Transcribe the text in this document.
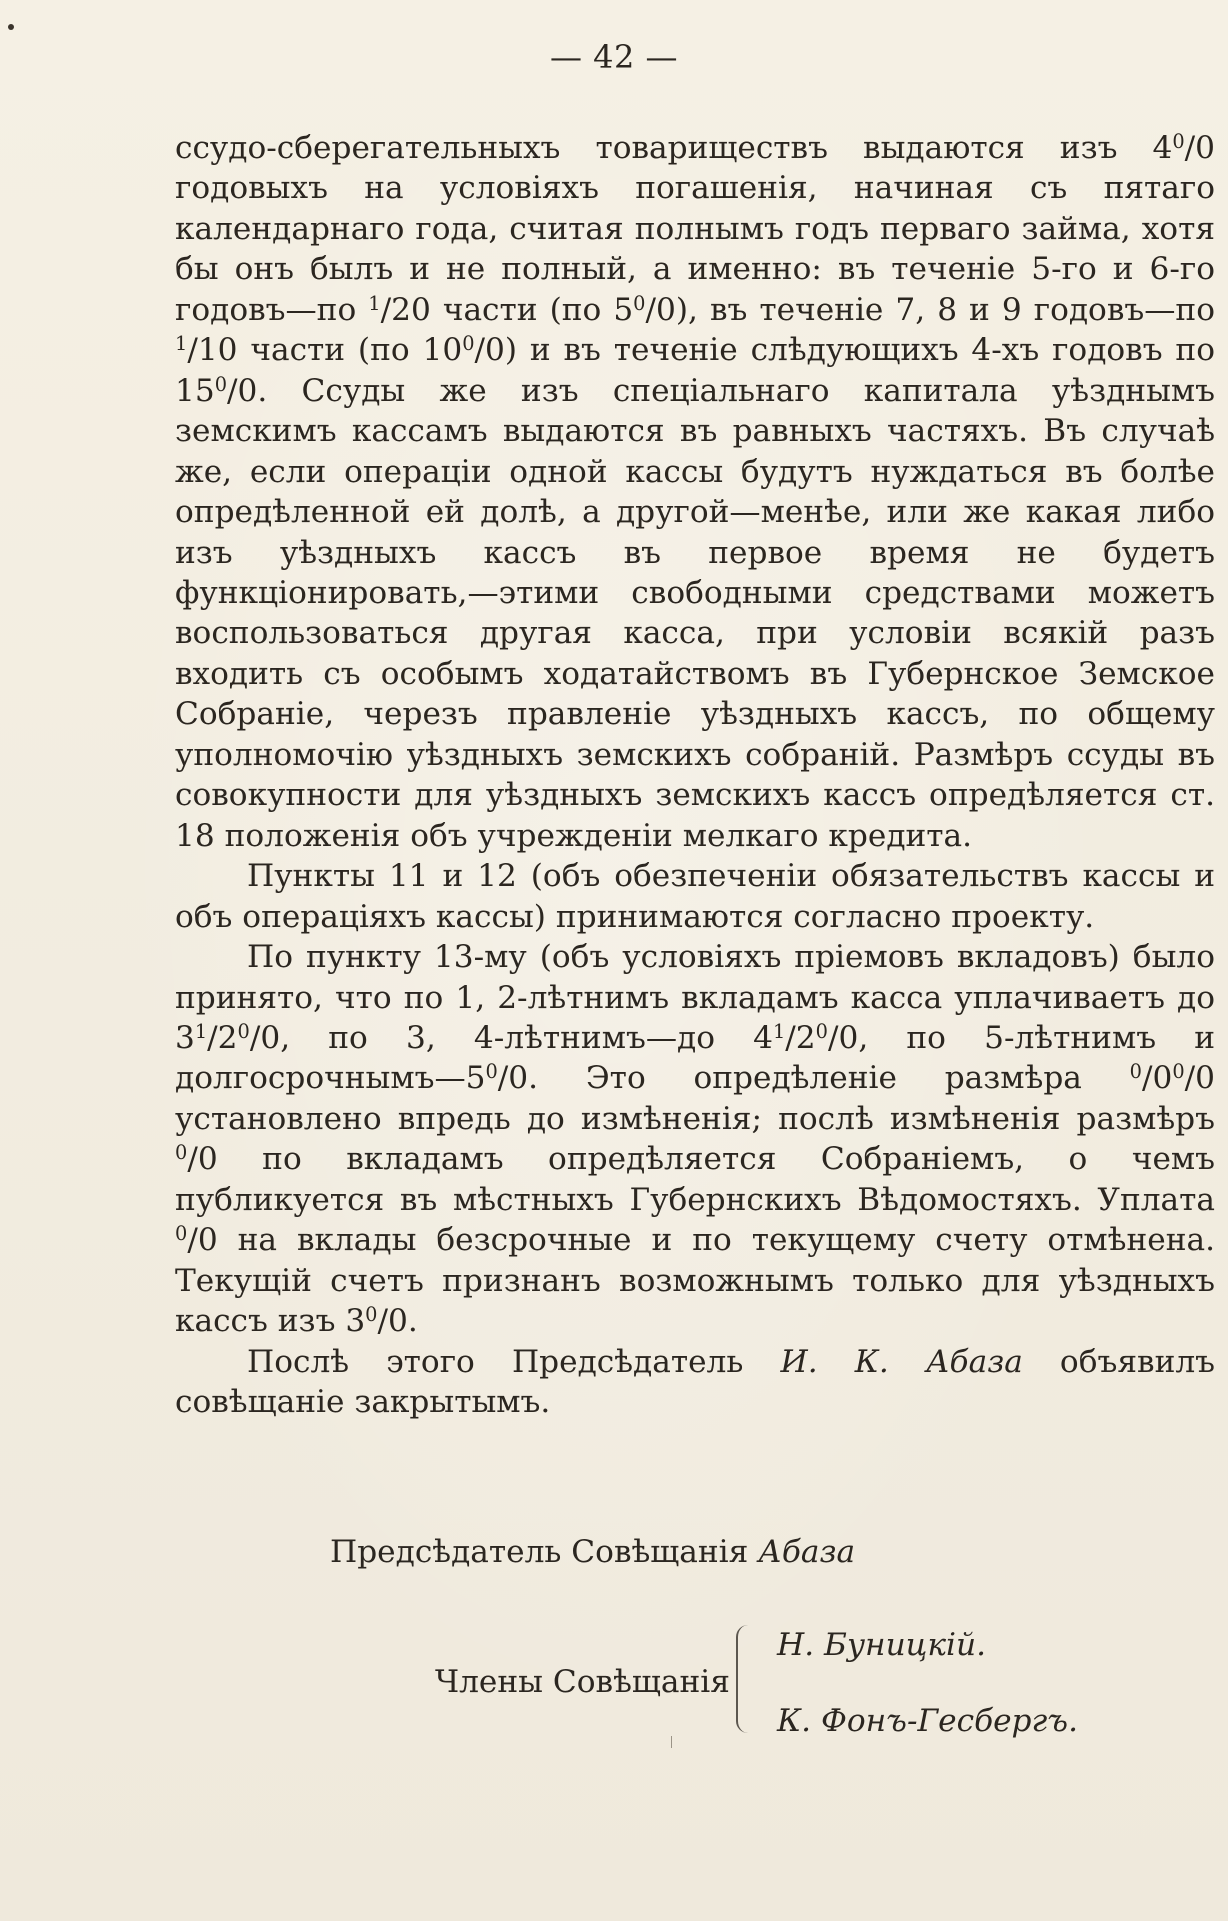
— 42 —

ссудо-сберегательныхъ товариществъ выдаются изъ $4^0/0$ годовыхъ на условіяхъ погашенія, начиная съ пятаго календарнаго года, считая полнымъ годъ перваго займа, хотя бы онъ былъ и не полный, а именно: въ теченіе 5-го и 6-го годовъ—по $^1$/20 части (по $5^0/0$), въ теченіе 7, 8 и 9 годовъ—по $^1$/10 части (по $10^0/0$) и въ теченіе слѣдующихъ 4-хъ годовъ по $15^0/0$. Ссуды же изъ спеціальнаго капитала уѣзднымъ земскимъ кассамъ выдаются въ равныхъ частяхъ. Въ случаѣ же, если операціи одной кассы будутъ нуждаться въ болѣе опредѣленной ей долѣ, а другой—менѣе, или же какая либо изъ уѣздныхъ кассъ въ первое время не будетъ функціонировать,—этими свободными средствами можетъ воспользоваться другая касса, при условіи всякій разъ входить съ особымъ ходатайствомъ въ Губернское Земское Собраніе, черезъ правленіе уѣздныхъ кассъ, по общему уполномочію уѣздныхъ земскихъ собраній. Размѣръ ссуды въ совокупности для уѣздныхъ земскихъ кассъ опредѣляется ст. 18 положенія объ учрежденіи мелкаго кредита.

Пункты 11 и 12 (объ обезпеченіи обязательствъ кассы и объ операціяхъ кассы) принимаются согласно проекту.

По пункту 13-му (объ условіяхъ пріемовъ вкладовъ) было принято, что по 1, 2-лѣтнимъ вкладамъ касса уплачиваетъ до $3^1/2^0/0$, по 3, 4-лѣтнимъ—до $4^1/2^0/0$, по 5-лѣтнимъ и $долгосрочнымъ—5^0/0$. Это опредѣленіе размѣра $^0/0^0/0$ установлено впредь до измѣненія; послѣ измѣненія размѣръ $^0$/0 по вкладамъ опредѣляется Собраніемъ, о чемъ публикуется въ мѣстныхъ Губернскихъ Вѣдомостяхъ. Уплата $^0$/0 на вклады безсрочные и по текущему счету отмѣнена. Текущій счетъ признанъ возможнымъ только для уѣздныхъ кассъ изъ $3^0/0$.

Послѣ этого Предсѣдатель И. К. Абаза объявилъ совѣщаніе закрытымъ.

Предсѣдатель Совѣщанія Абаза
Члены Совѣщанія
Н. Буницкій.
К. Фонъ-Гесбергъ.
